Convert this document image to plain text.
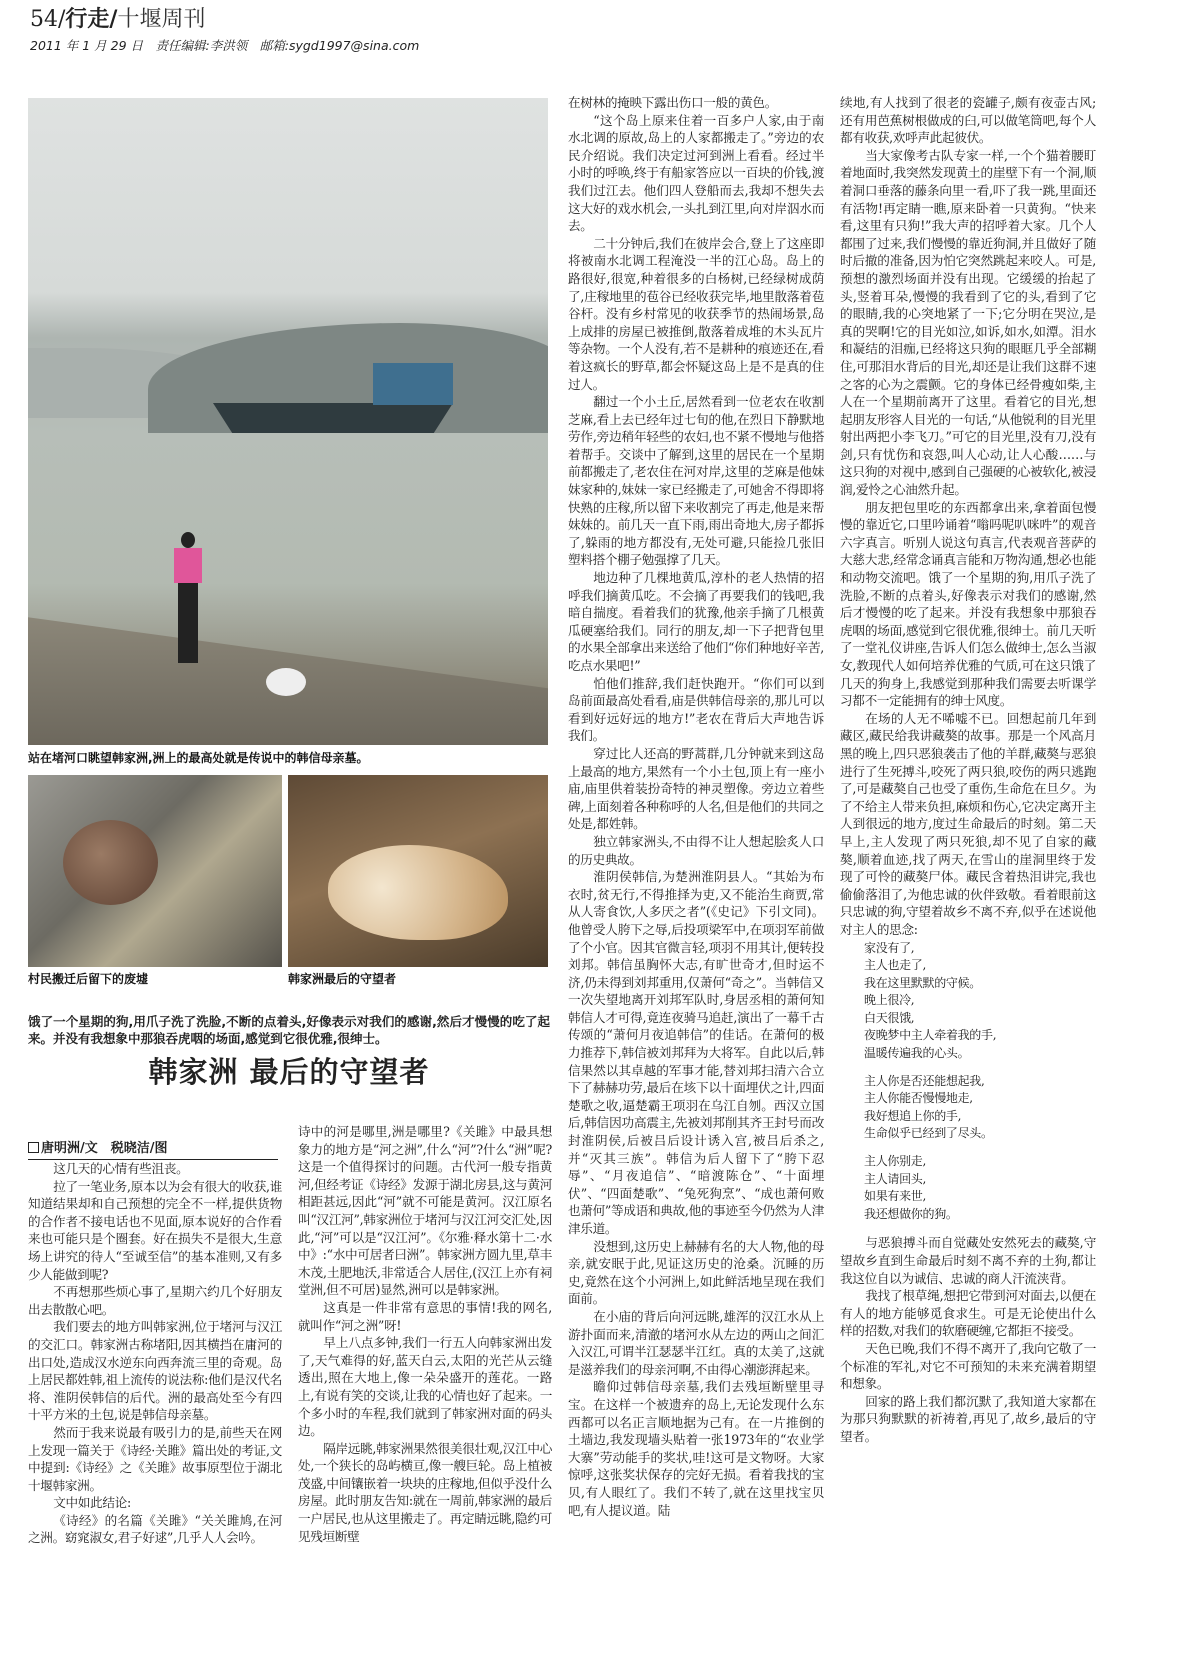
54/行走/十堰周刊
2011 年 1 月 29 日　责任编辑:李洪领　邮箱:sygd1997@sina.com
站在堵河口眺望韩家洲,洲上的最高处就是传说中的韩信母亲墓。
村民搬迁后留下的废墟	韩家洲最后的守望者
饿了一个星期的狗,用爪子洗了洗脸,不断的点着头,好像表示对我们的感谢,然后才慢慢的吃了起来。并没有我想象中那狼吞虎咽的场面,感觉到它很优雅,很绅士。
韩家洲 最后的守望者
唐明洲/文　税晓洁/图

这几天的心情有些沮丧。

拉了一笔业务,原本以为会有很大的收获,谁知道结果却和自己预想的完全不一样,提供货物的合作者不接电话也不见面,原本说好的合作看来也可能只是个圈套。好在损失不是很大,生意场上讲究的待人“至诚至信”的基本准则,又有多少人能做到呢?

不再想那些烦心事了,星期六约几个好朋友出去散散心吧。

我们要去的地方叫韩家洲,位于堵河与汉江的交汇口。韩家洲古称堵阳,因其横挡在庸河的出口处,造成汉水逆东向西奔流三里的奇观。岛上居民都姓韩,祖上流传的说法称:他们是汉代名将、淮阴侯韩信的后代。洲的最高处至今有四十平方米的土包,说是韩信母亲墓。

然而于我来说最有吸引力的是,前些天在网上发现一篇关于《诗经·关雎》篇出处的考证,文中提到:《诗经》之《关雎》故事原型位于湖北十堰韩家洲。

文中如此结论:

《诗经》的名篇《关雎》“关关雎鸠,在河之洲。窈窕淑女,君子好逑”,几乎人人会吟。

诗中的河是哪里,洲是哪里?《关雎》中最具想象力的地方是“河之洲”,什么“河”?什么“洲”呢?这是一个值得探讨的问题。古代河一般专指黄河,但经考证《诗经》发源于湖北房县,这与黄河相距甚远,因此“河”就不可能是黄河。汉江原名叫“汉江河”,韩家洲位于堵河与汉江河交汇处,因此,“河”可以是“汉江河”。《尔雅·释水第十二·水中》:“水中可居者曰洲”。韩家洲方圆九里,草丰木茂,土肥地沃,非常适合人居住,(汉江上亦有祠堂洲,但不可居)显然,洲可以是韩家洲。

这真是一件非常有意思的事情!我的网名,就叫作“河之洲”呀!

早上八点多钟,我们一行五人向韩家洲出发了,天气难得的好,蓝天白云,太阳的光芒从云缝透出,照在大地上,像一朵朵盛开的莲花。一路上,有说有笑的交谈,让我的心情也好了起来。一个多小时的车程,我们就到了韩家洲对面的码头边。

隔岸远眺,韩家洲果然很美很壮观,汉江中心处,一个狭长的岛屿横亘,像一艘巨轮。岛上植被茂盛,中间镶嵌着一块块的庄稼地,但似乎没什么房屋。此时朋友告知:就在一周前,韩家洲的最后一户居民,也从这里搬走了。再定睛远眺,隐约可见残垣断壁

在树林的掩映下露出伤口一般的黄色。

“这个岛上原来住着一百多户人家,由于南水北调的原故,岛上的人家都搬走了。”旁边的农民介绍说。我们决定过河到洲上看看。经过半小时的呼唤,终于有船家答应以一百块的价钱,渡我们过江去。他们四人登船而去,我却不想失去这大好的戏水机会,一头扎到江里,向对岸泅水而去。

二十分钟后,我们在彼岸会合,登上了这座即将被南水北调工程淹没一半的江心岛。岛上的路很好,很宽,种着很多的白杨树,已经绿树成荫了,庄稼地里的苞谷已经收获完毕,地里散落着苞谷杆。没有乡村常见的收获季节的热闹场景,岛上成排的房屋已被推倒,散落着成堆的木头瓦片等杂物。一个人没有,若不是耕种的痕迹还在,看着这疯长的野草,都会怀疑这岛上是不是真的住过人。

翻过一个小土丘,居然看到一位老农在收割芝麻,看上去已经年过七旬的他,在烈日下静默地劳作,旁边稍年轻些的农妇,也不紧不慢地与他搭着帮手。交谈中了解到,这里的居民在一个星期前都搬走了,老农住在河对岸,这里的芝麻是他妹妹家种的,妹妹一家已经搬走了,可她舍不得即将快熟的庄稼,所以留下来收割完了再走,他是来帮妹妹的。前几天一直下雨,雨出奇地大,房子都拆了,躲雨的地方都没有,无处可避,只能捡几张旧塑料搭个棚子勉强撑了几天。

地边种了几棵地黄瓜,淳朴的老人热情的招呼我们摘黄瓜吃。不会摘了再要我们的钱吧,我暗自揣度。看着我们的犹豫,他亲手摘了几根黄瓜硬塞给我们。同行的朋友,却一下子把背包里的水果全部拿出来送给了他们“你们种地好辛苦,吃点水果吧!”

怕他们推辞,我们赶快跑开。“你们可以到岛前面最高处看看,庙是供韩信母亲的,那儿可以看到好远好远的地方!”老农在背后大声地告诉我们。

穿过比人还高的野蒿群,几分钟就来到这岛上最高的地方,果然有一个小土包,顶上有一座小庙,庙里供着装扮奇特的神灵塑像。旁边立着些碑,上面刻着各种称呼的人名,但是他们的共同之处是,都姓韩。

独立韩家洲头,不由得不让人想起脍炙人口的历史典故。

淮阴侯韩信,为楚洲淮阴县人。“其始为布衣时,贫无行,不得推择为吏,又不能治生商贾,常从人寄食饮,人多厌之者”(《史记》下引文同)。他曾受人胯下之辱,后投项梁军中,在项羽军前做了个小官。因其官微言轻,项羽不用其计,便转投刘邦。韩信虽胸怀大志,有旷世奇才,但时运不济,仍未得到刘邦重用,仅萧何“奇之”。当韩信又一次失望地离开刘邦军队时,身居丞相的萧何知韩信人才可得,竟连夜骑马追赶,演出了一幕千古传颂的“萧何月夜追韩信”的佳话。在萧何的极力推荐下,韩信被刘邦拜为大将军。自此以后,韩信果然以其卓越的军事才能,替刘邦扫清六合立下了赫赫功劳,最后在垓下以十面埋伏之计,四面楚歌之收,逼楚霸王项羽在乌江自刎。西汉立国后,韩信因功高震主,先被刘邦削其齐王封号而改封淮阴侯,后被吕后设计诱入宫,被吕后杀之,并“灭其三族”。韩信为后人留下了“胯下忍辱”、“月夜追信”、“暗渡陈仓”、“十面埋伏”、“四面楚歌”、“兔死狗烹”、“成也萧何败也萧何”等成语和典故,他的事迹至今仍然为人津津乐道。

没想到,这历史上赫赫有名的大人物,他的母亲,就安眠于此,见证这历史的沧桑。沉睡的历史,竟然在这个小河洲上,如此鲜活地呈现在我们面前。

在小庙的背后向河远眺,雄浑的汉江水从上游扑面而来,清澈的堵河水从左边的两山之间汇入汉江,可谓半江瑟瑟半江红。真的太美了,这就是滋养我们的母亲河啊,不由得心潮澎湃起来。

瞻仰过韩信母亲墓,我们去残垣断壁里寻宝。在这样一个被遗弃的岛上,无论发现什么东西都可以名正言顺地据为己有。在一片推倒的土墙边,我发现墙头贴着一张1973年的“农业学大寨”劳动能手的奖状,哇!这可是文物呀。大家惊呼,这张奖状保存的完好无损。看着我找的宝贝,有人眼红了。我们不转了,就在这里找宝贝吧,有人提议道。陆

续地,有人找到了很老的瓷罐子,颇有夜壶古风;还有用芭蕉树根做成的臼,可以做笔筒吧,每个人都有收获,欢呼声此起彼伏。

当大家像考古队专家一样,一个个猫着腰盯着地面时,我突然发现黄土的崖壁下有一个洞,顺着洞口垂落的藤条向里一看,吓了我一跳,里面还有活物!再定睛一瞧,原来卧着一只黄狗。“快来看,这里有只狗!”我大声的招呼着大家。几个人都围了过来,我们慢慢的靠近狗洞,并且做好了随时后撤的准备,因为怕它突然跳起来咬人。可是,预想的激烈场面并没有出现。它缓缓的抬起了头,竖着耳朵,慢慢的我看到了它的头,看到了它的眼睛,我的心突地紧了一下;它分明在哭泣,是真的哭啊!它的目光如泣,如诉,如水,如潭。泪水和凝结的泪痂,已经将这只狗的眼眶几乎全部糊住,可那泪水背后的目光,却还是让我们这群不速之客的心为之震颤。它的身体已经骨瘦如柴,主人在一个星期前离开了这里。看着它的目光,想起朋友形容人目光的一句话,“从他锐利的目光里射出两把小李飞刀。”可它的目光里,没有刀,没有剑,只有忧伤和哀怨,叫人心动,让人心酸……与这只狗的对视中,感到自己强硬的心被软化,被浸润,爱怜之心油然升起。

朋友把包里吃的东西都拿出来,拿着面包慢慢的靠近它,口里吟诵着“嗡吗呢叭咪吽”的观音六字真言。听别人说这句真言,代表观音菩萨的大慈大悲,经常念诵真言能和万物沟通,想必也能和动物交流吧。饿了一个星期的狗,用爪子洗了洗脸,不断的点着头,好像表示对我们的感谢,然后才慢慢的吃了起来。并没有我想象中那狼吞虎咽的场面,感觉到它很优雅,很绅士。前几天听了一堂礼仪讲座,告诉人们怎么做绅士,怎么当淑女,教现代人如何培养优雅的气质,可在这只饿了几天的狗身上,我感觉到那种我们需要去听课学习都不一定能拥有的绅士风度。

在场的人无不唏嘘不已。回想起前几年到藏区,藏民给我讲藏獒的故事。那是一个风高月黑的晚上,四只恶狼袭击了他的羊群,藏獒与恶狼进行了生死搏斗,咬死了两只狼,咬伤的两只逃跑了,可是藏獒自己也受了重伤,生命危在旦夕。为了不给主人带来负担,麻烦和伤心,它决定离开主人到很远的地方,度过生命最后的时刻。第二天早上,主人发现了两只死狼,却不见了自家的藏獒,顺着血迹,找了两天,在雪山的崖洞里终于发现了可怜的藏獒尸体。藏民含着热泪讲完,我也偷偷落泪了,为他忠诚的伙伴致敬。看着眼前这只忠诚的狗,守望着故乡不离不弃,似乎在述说他对主人的思念:

家没有了,
主人也走了,
我在这里默默的守候。
晚上很冷,
白天很饿,
夜晚梦中主人牵着我的手,
温暖传遍我的心头。
主人你是否还能想起我,
主人你能否慢慢地走,
我好想追上你的手,
生命似乎已经到了尽头。
主人你别走,
主人请回头,
如果有来世,
我还想做你的狗。

与恶狼搏斗而自觉藏处安然死去的藏獒,守望故乡直到生命最后时刻不离不弃的土狗,都让我这位自以为诚信、忠诚的商人汗流浃背。

我找了根草绳,想把它带到河对面去,以便在有人的地方能够觅食求生。可是无论使出什么样的招数,对我们的软磨硬缠,它都拒不接受。

天色已晚,我们不得不离开了,我向它敬了一个标准的军礼,对它不可预知的未来充满着期望和想象。

回家的路上我们都沉默了,我知道大家都在为那只狗默默的祈祷着,再见了,故乡,最后的守望者。
